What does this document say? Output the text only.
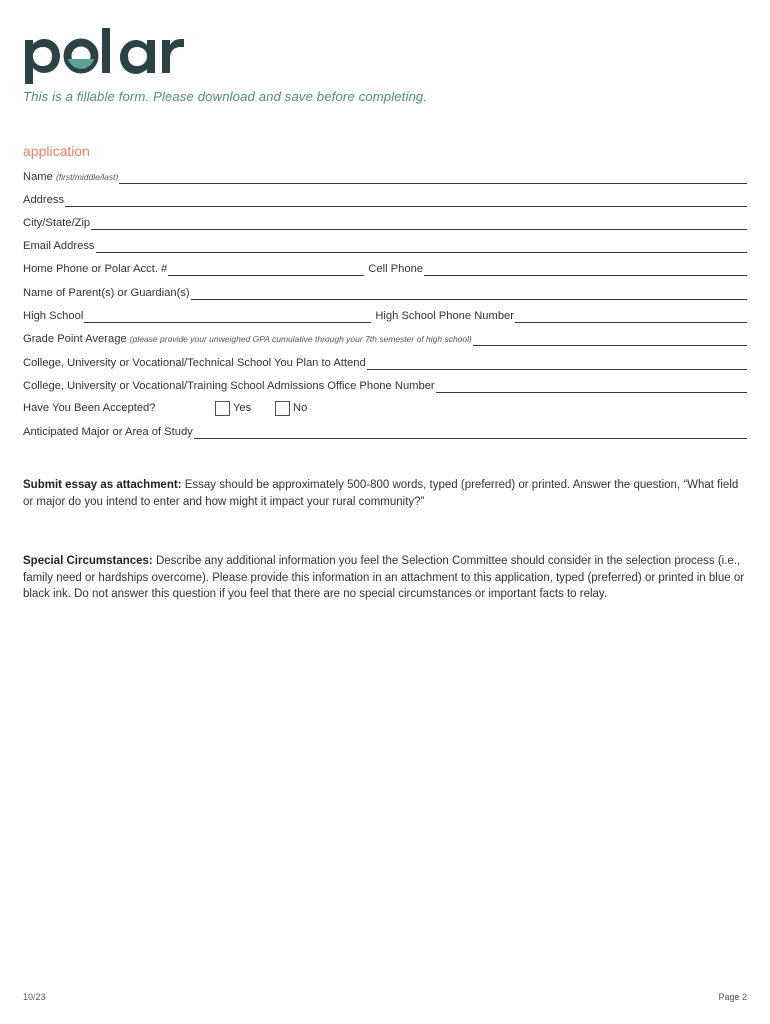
This is a fillable form. Please download and save before completing.
application
Name (first/middle/last)
Address
City/State/Zip
Email Address
Home Phone or Polar Acct. #	Cell Phone
Name of Parent(s) or Guardian(s)
High School	High School Phone Number
Grade Point Average (please provide your unweighed GPA cumulative through your 7th semester of high school)
College, University or Vocational/Technical School You Plan to Attend
College, University or Vocational/Training School Admissions Office Phone Number
Have You Been Accepted?	Yes	No
Anticipated Major or Area of Study
Submit essay as attachment: Essay should be approximately 500-800 words, typed (preferred) or printed. Answer the question, “What field or major do you intend to enter and how might it impact your rural community?”
Special Circumstances: Describe any additional information you feel the Selection Committee should consider in the selection process (i.e., family need or hardships overcome). Please provide this information in an attachment to this application, typed (preferred) or printed in blue or black ink. Do not answer this question if you feel that there are no special circumstances or important facts to relay.
10/23	Page 2
